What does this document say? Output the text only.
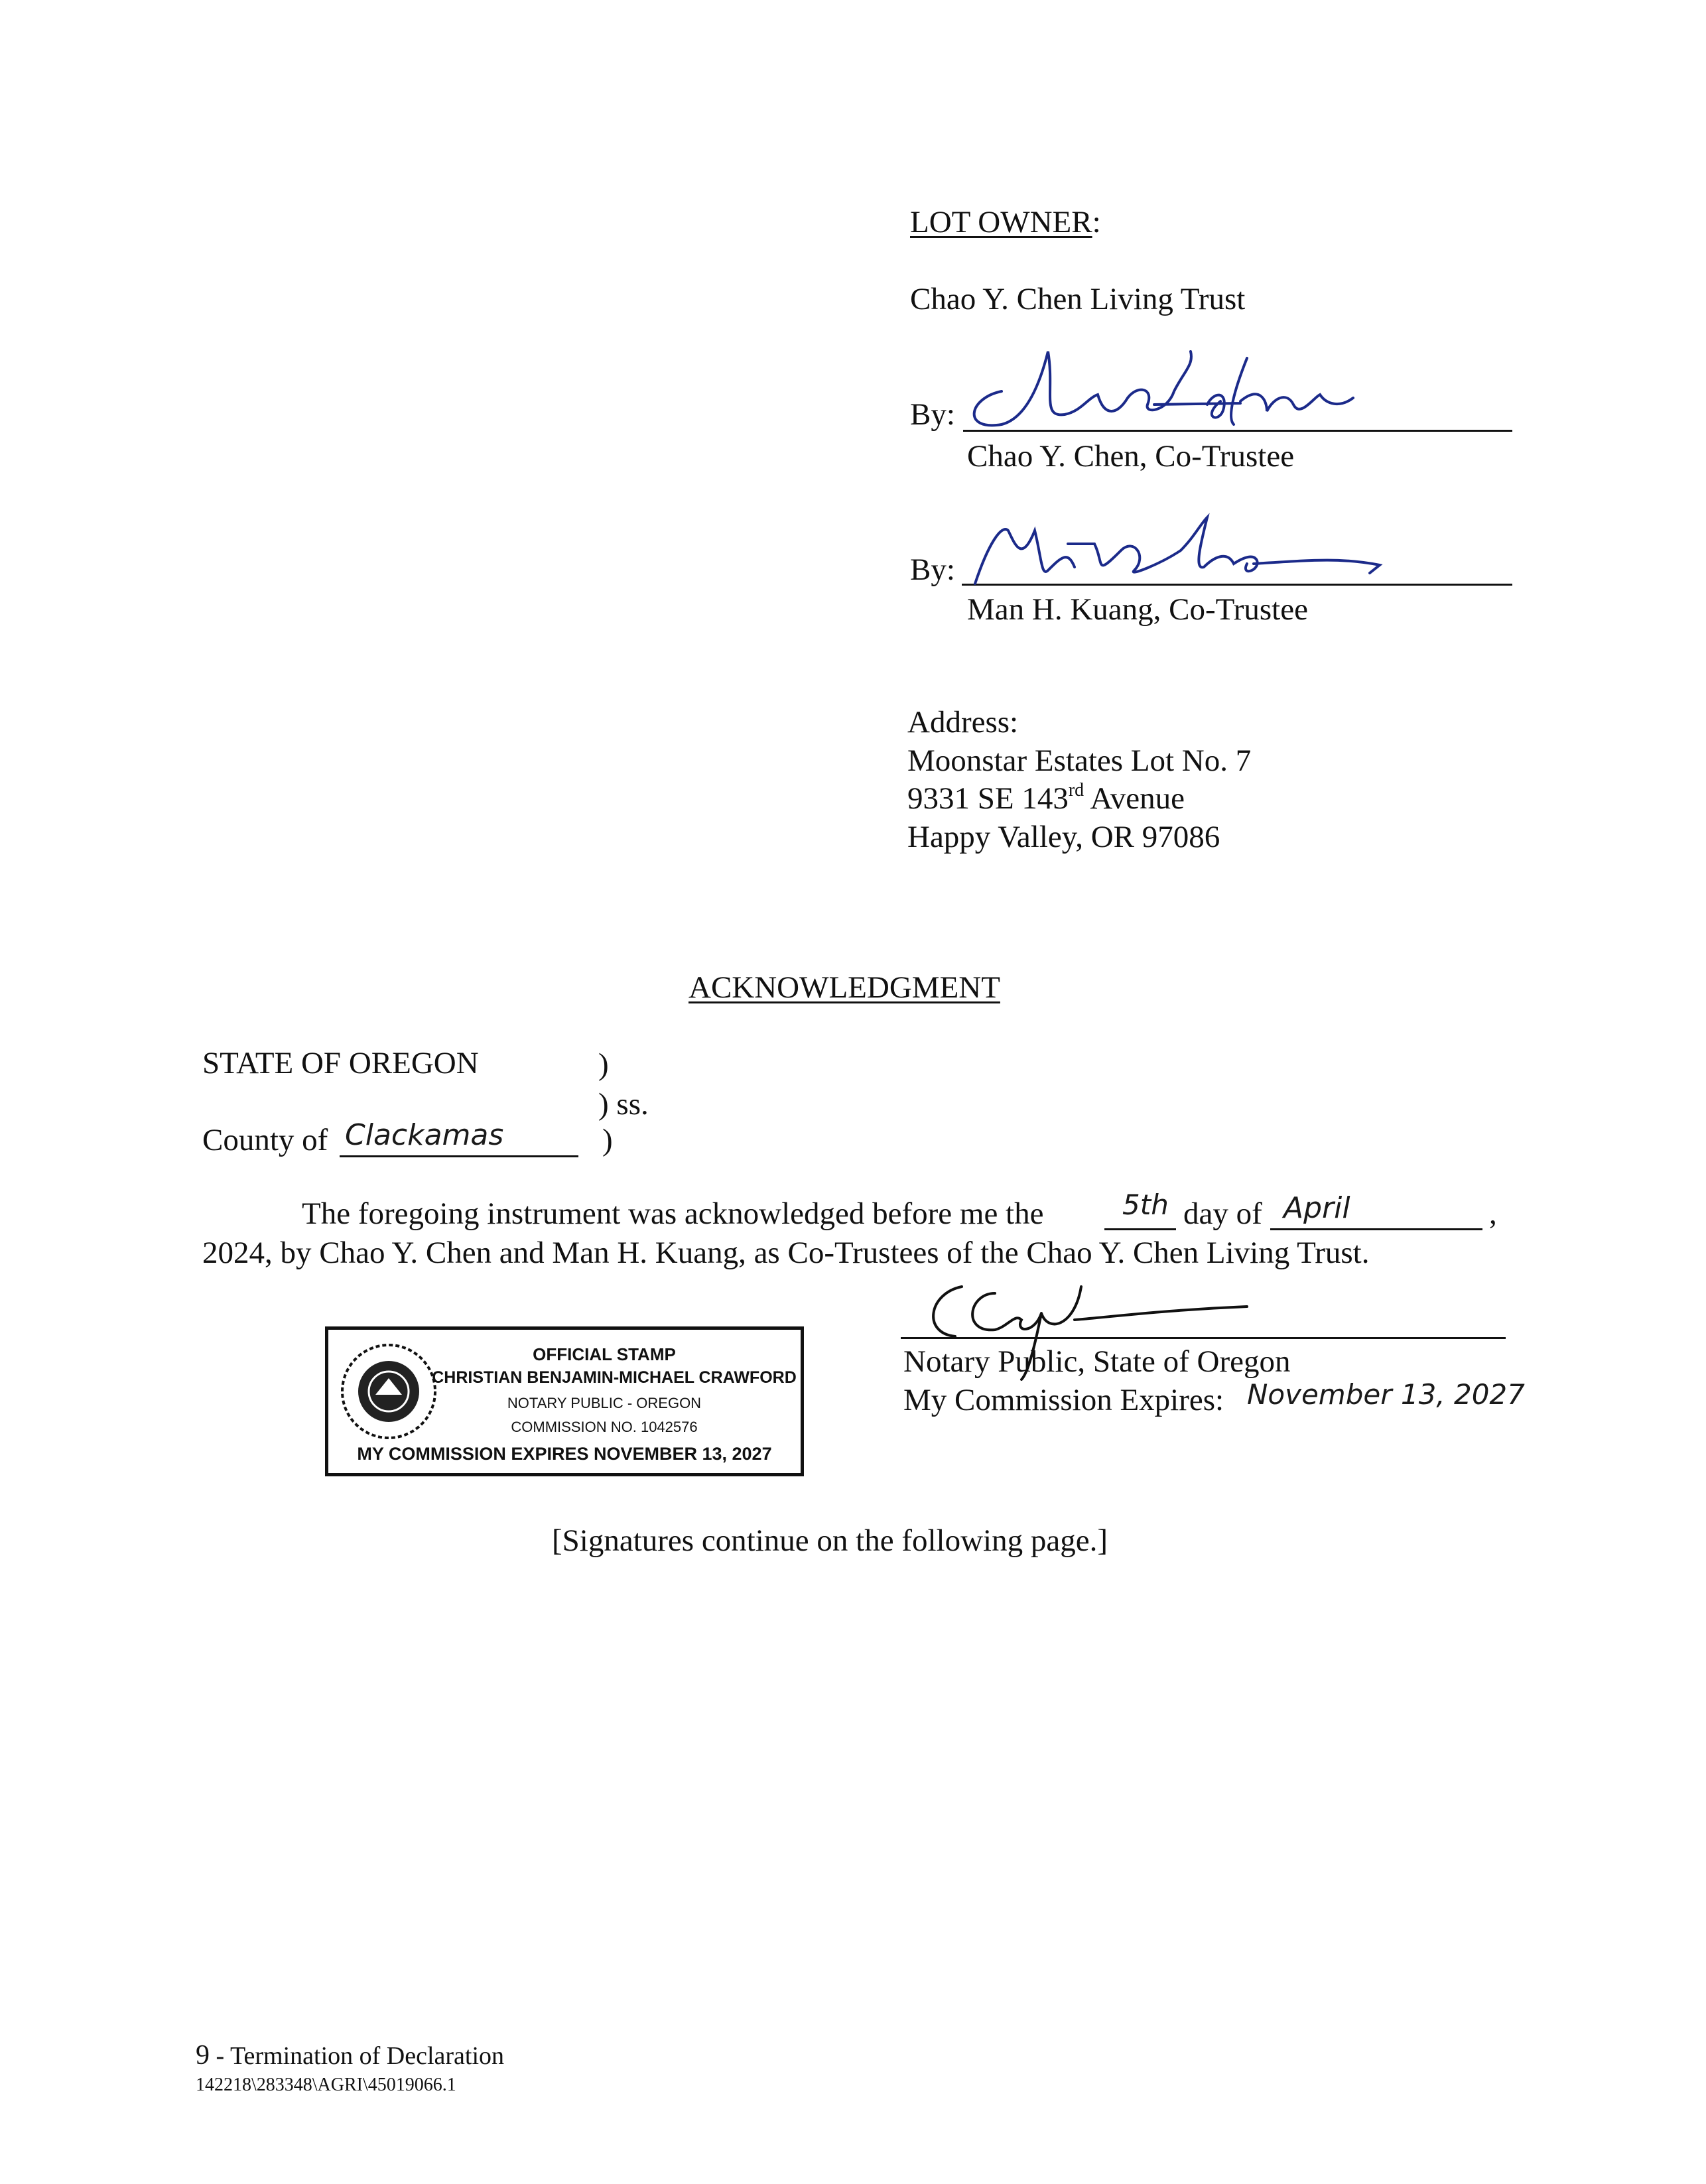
LOT OWNER:
Chao Y. Chen Living Trust
By:
Chao Y. Chen, Co-Trustee
By:
Man H. Kuang, Co-Trustee
Address:
Moonstar Estates Lot No. 7
9331 SE 143rd Avenue
Happy Valley, OR 97086
ACKNOWLEDGMENT
STATE OF OREGON	)
) ss.
County of Clackamas	)
The foregoing instrument was acknowledged before me the	5th day of April	,
2024, by Chao Y. Chen and Man H. Kuang, as Co-Trustees of the Chao Y. Chen Living Trust.
Notary Public, State of Oregon
My Commission Expires: November 13, 2027
OFFICIAL STAMP
CHRISTIAN BENJAMIN-MICHAEL CRAWFORD
NOTARY PUBLIC - OREGON
COMMISSION NO. 1042576
MY COMMISSION EXPIRES NOVEMBER 13, 2027
[Signatures continue on the following page.]
9 - Termination of Declaration
142218\283348\AGRI\45019066.1
